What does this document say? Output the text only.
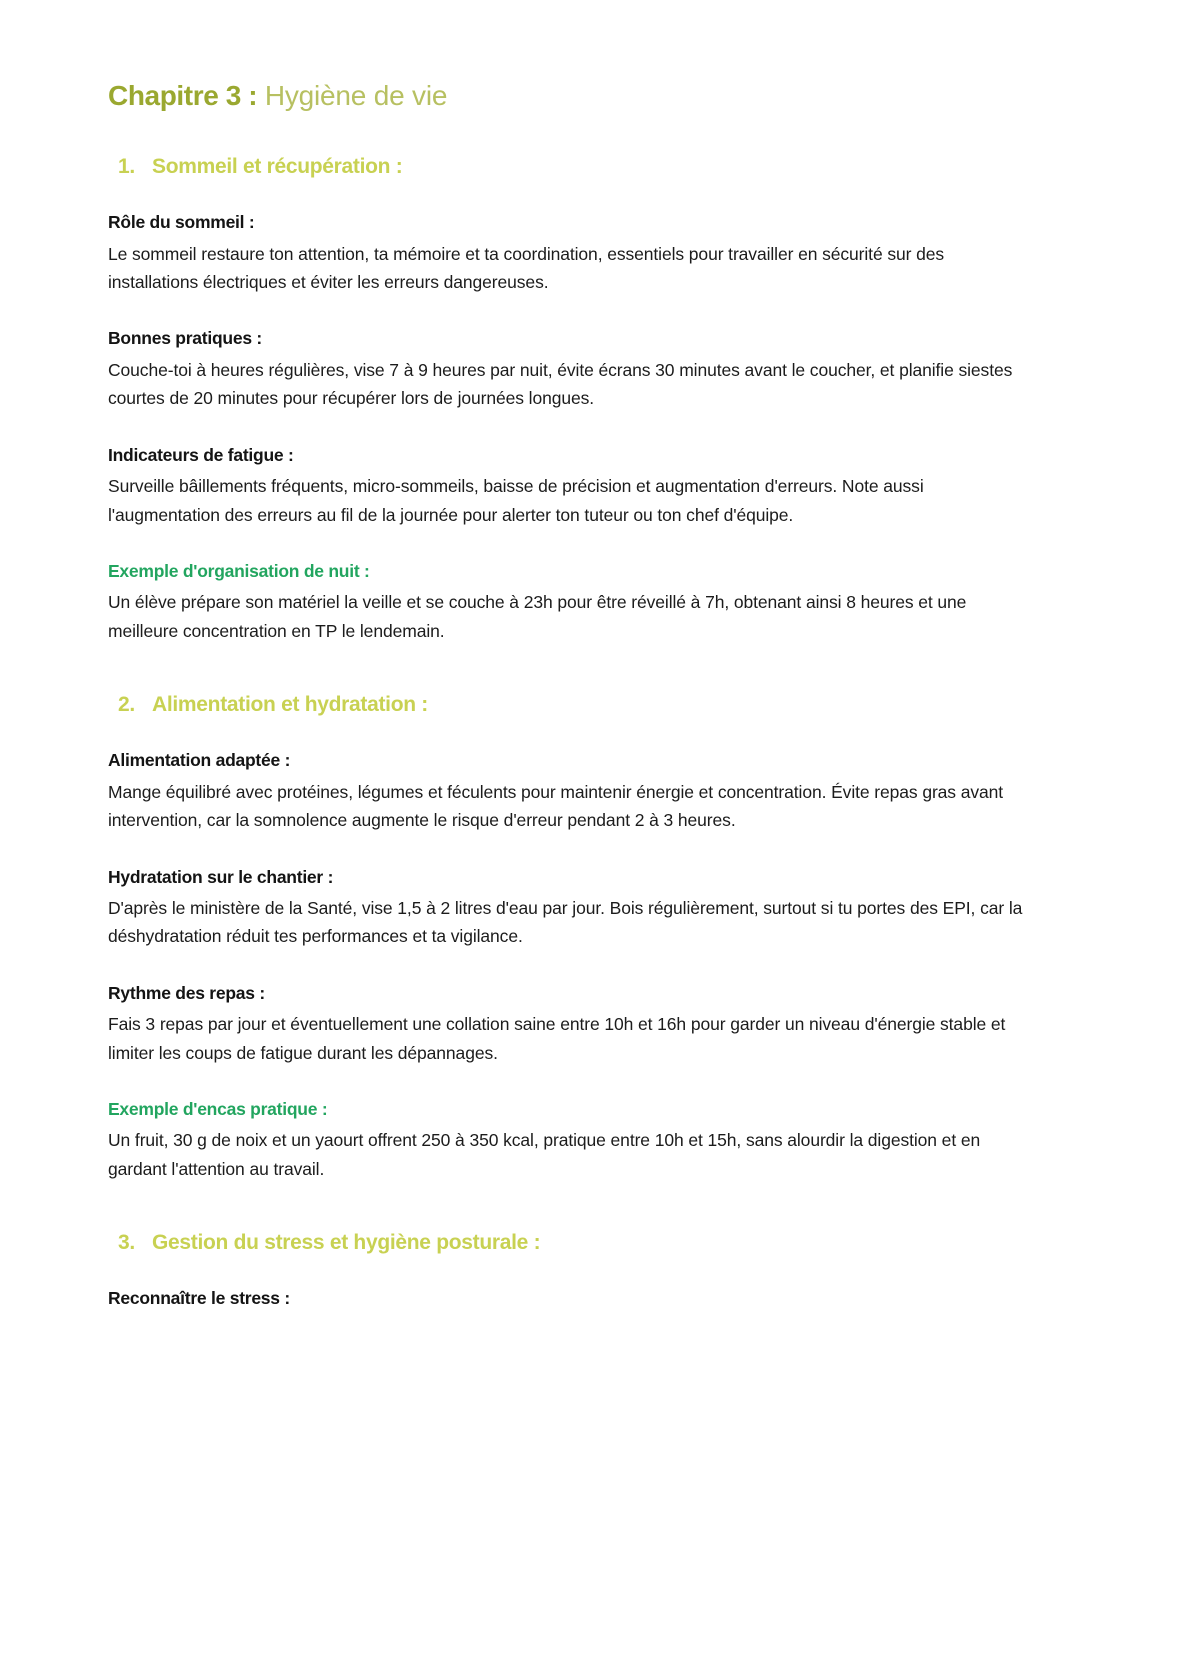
Chapitre 3 : Hygiène de vie
1. Sommeil et récupération :
Rôle du sommeil :

Le sommeil restaure ton attention, ta mémoire et ta coordination, essentiels pour travailler en sécurité sur des installations électriques et éviter les erreurs dangereuses.

Bonnes pratiques :

Couche-toi à heures régulières, vise 7 à 9 heures par nuit, évite écrans 30 minutes avant le coucher, et planifie siestes courtes de 20 minutes pour récupérer lors de journées longues.

Indicateurs de fatigue :

Surveille bâillements fréquents, micro-sommeils, baisse de précision et augmentation d'erreurs. Note aussi l'augmentation des erreurs au fil de la journée pour alerter ton tuteur ou ton chef d'équipe.

Exemple d'organisation de nuit :

Un élève prépare son matériel la veille et se couche à 23h pour être réveillé à 7h, obtenant ainsi 8 heures et une meilleure concentration en TP le lendemain.

2. Alimentation et hydratation :
Alimentation adaptée :

Mange équilibré avec protéines, légumes et féculents pour maintenir énergie et concentration. Évite repas gras avant intervention, car la somnolence augmente le risque d'erreur pendant 2 à 3 heures.

Hydratation sur le chantier :

D'après le ministère de la Santé, vise 1,5 à 2 litres d'eau par jour. Bois régulièrement, surtout si tu portes des EPI, car la déshydratation réduit tes performances et ta vigilance.

Rythme des repas :

Fais 3 repas par jour et éventuellement une collation saine entre 10h et 16h pour garder un niveau d'énergie stable et limiter les coups de fatigue durant les dépannages.

Exemple d'encas pratique :

Un fruit, 30 g de noix et un yaourt offrent 250 à 350 kcal, pratique entre 10h et 15h, sans alourdir la digestion et en gardant l'attention au travail.

3. Gestion du stress et hygiène posturale :
Reconnaître le stress :
